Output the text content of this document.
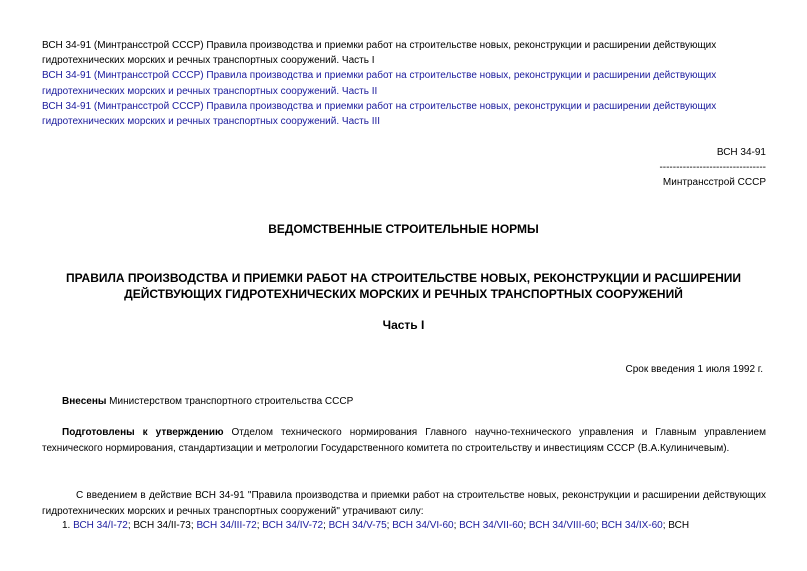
ВСН 34-91 (Минтрансстрой СССР) Правила производства и приемки работ на строительстве новых, реконструкции и расширении действующих гидротехнических морских и речных транспортных сооружений. Часть I
ВСН 34-91 (Минтрансстрой СССР) Правила производства и приемки работ на строительстве новых, реконструкции и расширении действующих гидротехнических морских и речных транспортных сооружений. Часть II
ВСН 34-91 (Минтрансстрой СССР) Правила производства и приемки работ на строительстве новых, реконструкции и расширении действующих гидротехнических морских и речных транспортных сооружений. Часть III
ВСН 34-91
--------------------------------
Минтрансстрой СССР
ВЕДОМСТВЕННЫЕ СТРОИТЕЛЬНЫЕ НОРМЫ
ПРАВИЛА ПРОИЗВОДСТВА И ПРИЕМКИ РАБОТ НА СТРОИТЕЛЬСТВЕ НОВЫХ, РЕКОНСТРУКЦИИ И РАСШИРЕНИИ ДЕЙСТВУЮЩИХ ГИДРОТЕХНИЧЕСКИХ МОРСКИХ И РЕЧНЫХ ТРАНСПОРТНЫХ СООРУЖЕНИЙ
Часть I
Срок введения 1 июля 1992 г.
Внесены Министерством транспортного строительства СССР
Подготовлены к утверждению Отделом технического нормирования Главного научно-технического управления и Главным управлением технического нормирования, стандартизации и метрологии Государственного комитета по строительству и инвестициям СССР (В.А.Кулиничевым).
С введением в действие ВСН 34-91 "Правила производства и приемки работ на строительстве новых, реконструкции и расширении действующих гидротехнических морских и речных транспортных сооружений" утрачивают силу:
1. ВСН 34/I-72; ВСН 34/II-73; ВСН 34/III-72; ВСН 34/IV-72; ВСН 34/V-75; ВСН 34/VI-60; ВСН 34/VII-60; ВСН 34/VIII-60; ВСН 34/IX-60; ВСН
